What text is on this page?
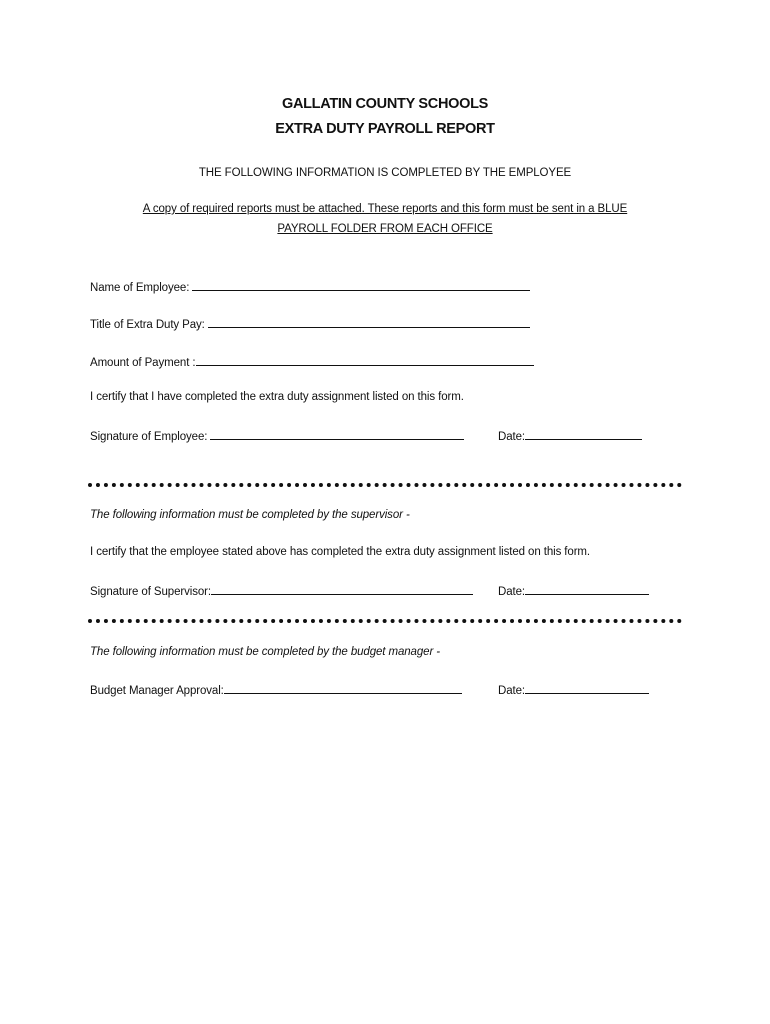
GALLATIN COUNTY SCHOOLS
EXTRA DUTY PAYROLL REPORT
THE FOLLOWING INFORMATION IS COMPLETED BY THE EMPLOYEE
A copy of required reports must be attached. These reports and this form must be sent in a BLUE
PAYROLL FOLDER FROM EACH OFFICE
Name of Employee:
Title of Extra Duty Pay:
Amount of Payment :
I certify that I have completed the extra duty assignment listed on this form.
Signature of Employee:	Date:
The following information must be completed by the supervisor -
I certify that the employee stated above has completed the extra duty assignment listed on this form.
Signature of Supervisor:	Date:
The following information must be completed by the budget manager -
Budget Manager Approval:	Date:
